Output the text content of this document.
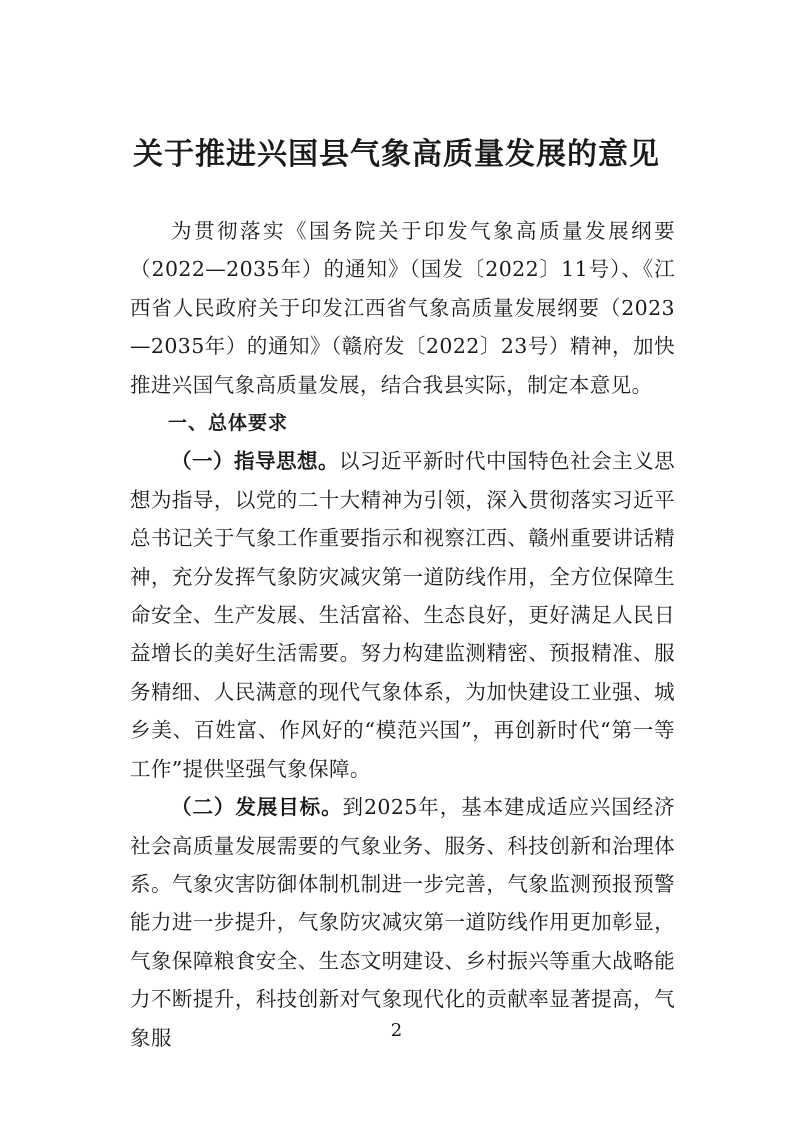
关于推进兴国县气象高质量发展的意见

为贯彻落实《国务院关于印发气象高质量发展纲要（2022—2035年）的通知》（国发〔2022〕11号）、《江西省人民政府关于印发江西省气象高质量发展纲要（2023—2035年）的通知》（赣府发〔2022〕23号）精神，加快推进兴国气象高质量发展，结合我县实际，制定本意见。

一、总体要求

（一）指导思想。以习近平新时代中国特色社会主义思想为指导，以党的二十大精神为引领，深入贯彻落实习近平总书记关于气象工作重要指示和视察江西、赣州重要讲话精神，充分发挥气象防灾减灾第一道防线作用，全方位保障生命安全、生产发展、生活富裕、生态良好，更好满足人民日益增长的美好生活需要。努力构建监测精密、预报精准、服务精细、人民满意的现代气象体系，为加快建设工业强、城乡美、百姓富、作风好的“模范兴国”，再创新时代“第一等工作”提供坚强气象保障。

（二）发展目标。到2025年，基本建成适应兴国经济社会高质量发展需要的气象业务、服务、科技创新和治理体系。气象灾害防御体制机制进一步完善，气象监测预报预警能力进一步提升，气象防灾减灾第一道防线作用更加彰显，气象保障粮食安全、生态文明建设、乡村振兴等重大战略能力不断提升，科技创新对气象现代化的贡献率显著提高，气象服	2
